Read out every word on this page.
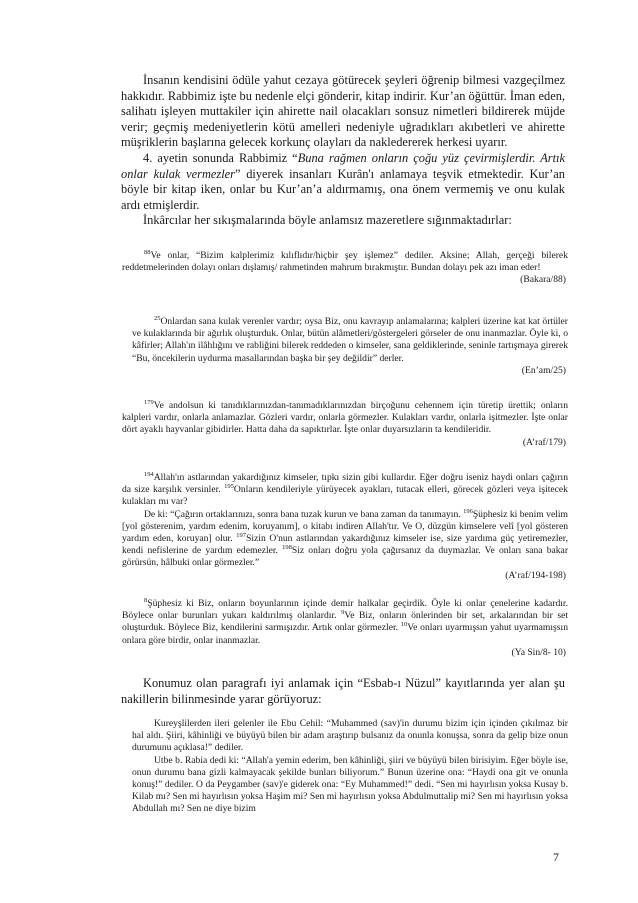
İnsanın kendisini ödüle yahut cezaya götürecek şeyleri öğrenip bilmesi vazgeçilmez hakkıdır. Rabbimiz işte bu nedenle elçi gönderir, kitap indirir. Kur’an öğüttür. İman eden, salihatı işleyen muttakiler için ahirette nail olacakları sonsuz nimetleri bildirerek müjde verir; geçmiş medeniyetlerin kötü amelleri nedeniyle uğradıkları akıbetleri ve ahirette müşriklerin başlarına gelecek korkunç olayları da nakledererek herkesi uyarır.

4. ayetin sonunda Rabbimiz “Buna rağmen onların çoğu yüz çevirmişlerdir. Artık onlar kulak vermezler” diyerek insanları Kurân'ı anlamaya teşvik etmektedir. Kur’an böyle bir kitap iken, onlar bu Kur’an’a aldırmamış, ona önem vermemiş ve onu kulak ardı etmişlerdir.

İnkârcılar her sıkışmalarında böyle anlamsız mazeretlere sığınmaktadırlar:

$^{88}$Ve onlar, “Bizim kalplerimiz kılıflıdır/hiçbir şey işlemez” dediler. Aksine; Allah, gerçeği bilerek reddetmelerinden dolayı onları dışlamış/ rahmetinden mahrum bırakmıştır. Bundan dolayı pek azı iman eder!

(Bakara/88)

$^{25}$Onlardan sana kulak verenler vardır; oysa Biz, onu kavrayıp anlamalarına; kalpleri üzerine kat kat örtüler ve kulaklarında bir ağırlık oluşturduk. Onlar, bütün alâmetleri/göstergeleri görseler de onu inanmazlar. Öyle ki, o kâfirler; Allah'ın ilâhlığını ve rabliğini bilerek reddeden o kimseler, sana geldiklerinde, seninle tartışmaya girerek “Bu, öncekilerin uydurma masallarından başka bir şey değildir” derler.

(En’am/25)

$^{179}$Ve andolsun ki tanıdıklarınızdan-tanımadıklarınızdan birçoğunu cehennem için türetip ürettik; onların kalpleri vardır, onlarla anlamazlar. Gözleri vardır, onlarla görmezler. Kulakları vardır, onlarla işitmezler. İşte onlar dört ayaklı hayvanlar gibidirler. Hatta daha da sapıktırlar. İşte onlar duyarsızların ta kendileridir.

(A’raf/179)

$^{194}$Allah'ın astlarından yakardığınız kimseler, tıpkı sizin gibi kullardır. Eğer doğru iseniz haydi onları çağırın da size karşılık versinler. $^{195}$Onların kendileriyle yürüyecek ayakları, tutacak elleri, görecek gözleri veya işitecek kulakları mı var?

De ki: “Çağırın ortaklarınızı, sonra bana tuzak kurun ve bana zaman da tanımayın. $^{196}$Şüphesiz ki benim velim [yol gösterenim, yardım edenim, koruyanım], o kitabı indiren Allah'tır. Ve O, düzgün kimselere velî [yol gösteren yardım eden, koruyan] olur. $^{197}$Sizin O'nun astlarından yakardığınız kimseler ise, size yardıma güç yetiremezler, kendi nefislerine de yardım edemezler. $^{198}$Siz onları doğru yola çağırsanız da duymazlar. Ve onları sana bakar görürsün, hâlbuki onlar görmezler.”

(A’raf/194-198)

$^8$Şüphesiz ki Biz, onların boyunlarının içinde demir halkalar geçirdik. Öyle ki onlar çenelerine kadardır. Böylece onlar burunları yukarı kaldırılmış olanlardır. $^9$Ve Biz, onların önlerinden bir set, arkalarından bir set oluşturduk. Böylece Biz, kendilerini sarmışızdır. Artık onlar görmezler. $^{10}$Ve onları uyarmışsın yahut uyarmamışsın onlara göre birdir, onlar inanmazlar.

(Ya Sin/8- 10)

Konumuz olan paragrafı iyi anlamak için “Esbab-ı Nüzul” kayıtlarında yer alan şu nakillerin bilinmesinde yarar görüyoruz:

Kureyşlilerden ileri gelenler ile Ebu Cehil: “Muhammed (sav)'in durumu bizim için içinden çıkılmaz bir hal aldı. Şiiri, kâhinliği ve büyüyü bilen bir adam araştırıp bulsanız da onunla konuşsa, sonra da gelip bize onun durumunu açıklasa!” dediler.

Utbe b. Rabia dedi ki: “Allah'a yemin ederim, ben kâhinliği, şiiri ve büyüyü bilen birisiyim. Eğer böyle ise, onun durumu bana gizli kalmayacak şekilde bunları biliyorum.” Bunun üzerine ona: “Haydi ona git ve onunla konuş!” dediler. O da Peygamber (sav)'e giderek ona: “Ey Muhammed!” dedi. “Sen mi hayırlısın yoksa Kusay b. Kilab mı? Sen mi hayırlısın yoksa Haşim mi? Sen mi hayırlısın yoksa Abdulmuttalip mi? Sen mi hayırlısın yoksa Abdullah mı? Sen ne diye bizim

7
